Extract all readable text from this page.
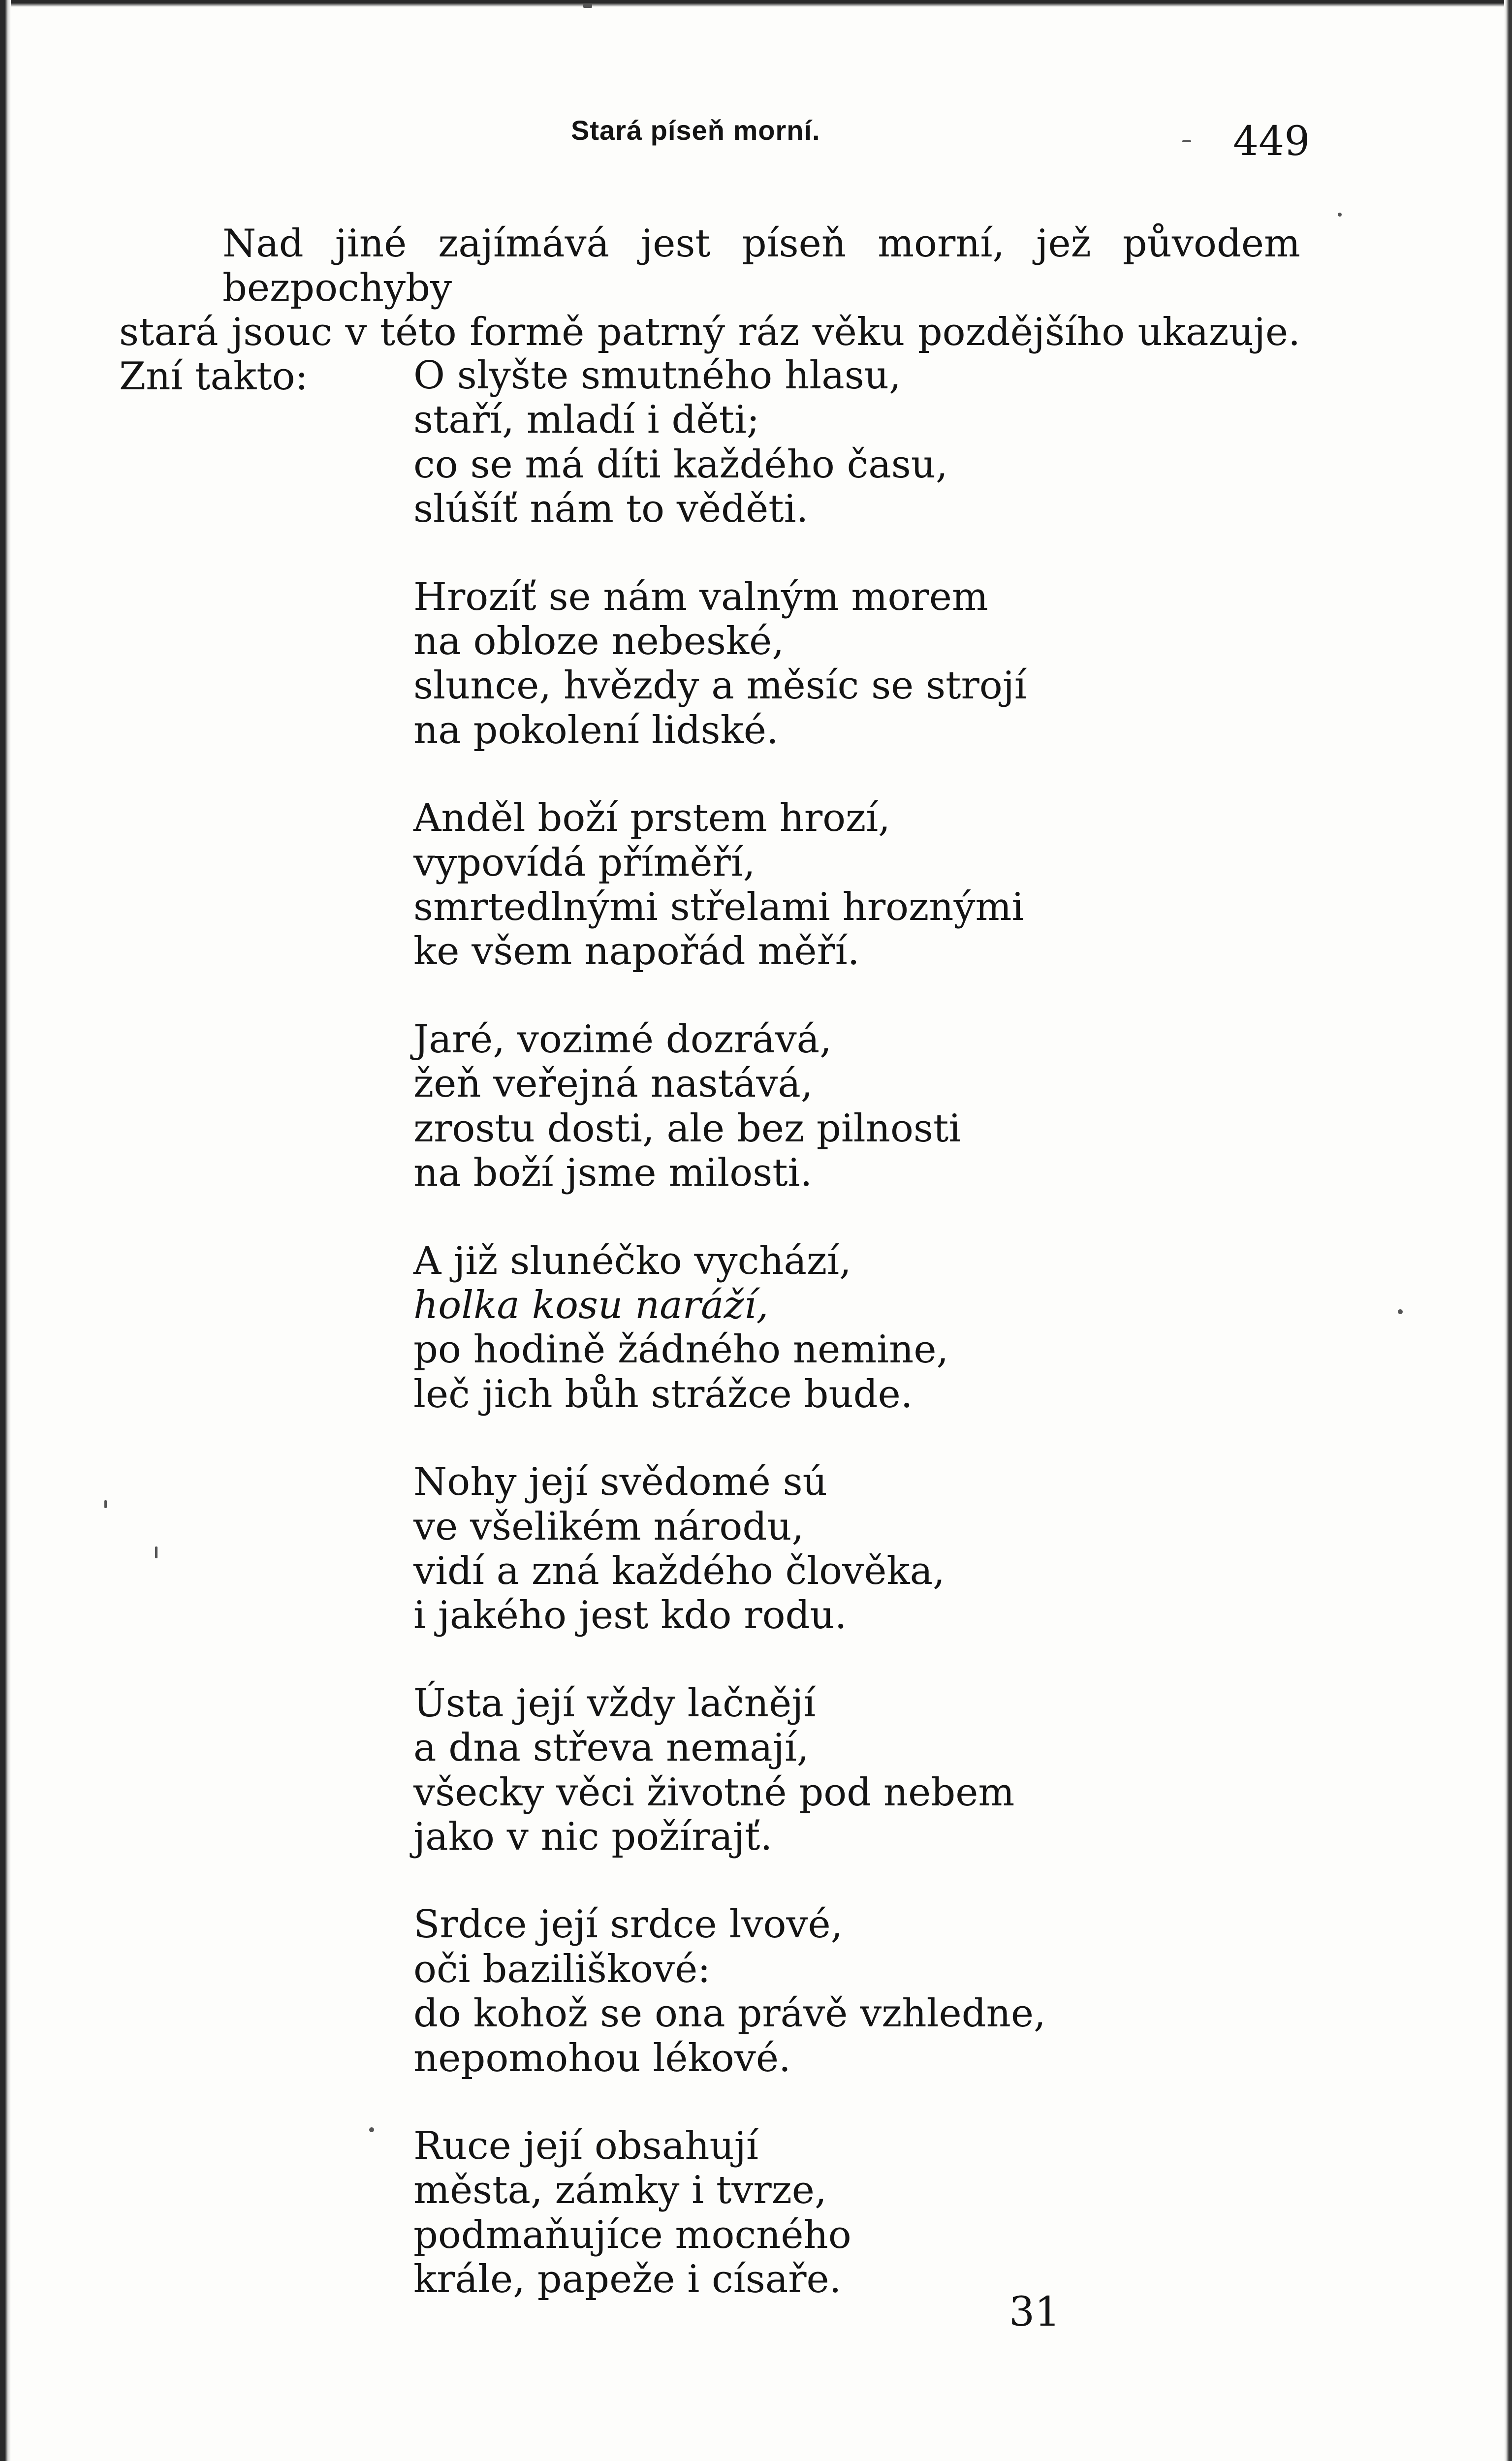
Stará píseň morní.	449
Nad jiné zajímává jest píseň morní, jež původem bezpochyby
stará jsouc v této formě patrný ráz věku pozdějšího ukazuje.
Zní takto:	O slyšte smutného hlasu,
staří, mladí i děti;
co se má díti každého času,
slúšíť nám to věděti.
Hrozíť se nám valným morem
na obloze nebeské,
slunce, hvězdy a měsíc se strojí
na pokolení lidské.
Anděl boží prstem hrozí,
vypovídá příměří,
smrtedlnými střelami hroznými
ke všem napořád měří.
Jaré, vozimé dozrává,
žeň veřejná nastává,
zrostu dosti, ale bez pilnosti
na boží jsme milosti.
A již slunéčko vychází,
holka kosu naráží,
po hodině žádného nemine,
leč jich bůh strážce bude.
Nohy její svědomé sú
ve všelikém národu,
vidí a zná každého člověka,
i jakého jest kdo rodu.
Ústa její vždy lačnějí
a dna střeva nemají,
všecky věci životné pod nebem
jako v nic požírajť.
Srdce její srdce lvové,
oči baziliškové:
do kohož se ona právě vzhledne,
nepomohou lékové.
Ruce její obsahují
města, zámky i tvrze,
podmaňujíce mocného
krále, papeže i císaře.
31
